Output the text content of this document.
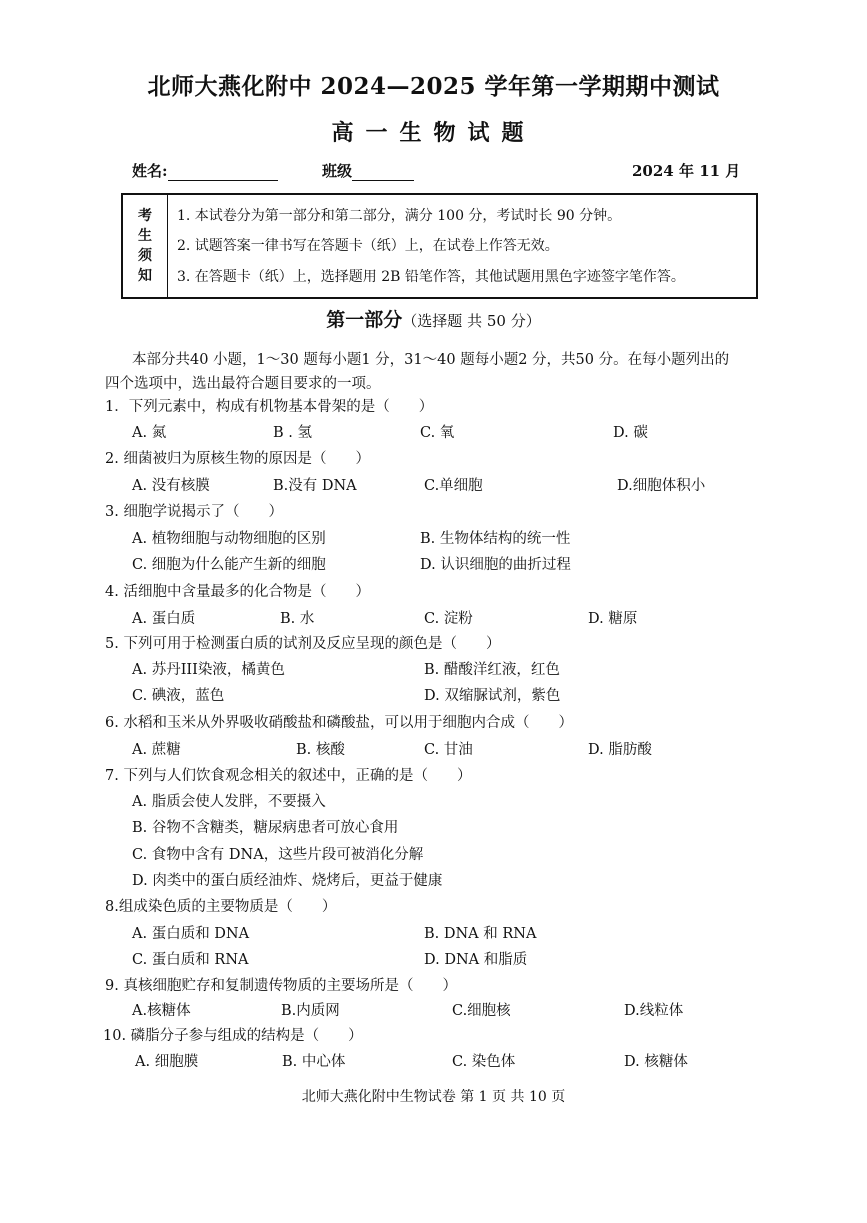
北师大燕化附中 2024—2025 学年第一学期期中测试
高一生物试题
姓名:	班级	2024 年 11 月
考
生
须
知
1. 本试卷分为第一部分和第二部分，满分 100 分，考试时长 90 分钟。
2. 试题答案一律书写在答题卡（纸）上，在试卷上作答无效。
3. 在答题卡（纸）上，选择题用 2B 铅笔作答，其他试题用黑色字迹签字笔作答。
第一部分（选择题 共 50 分）
本部分共40 小题，1～30 题每小题1 分，31～40 题每小题2 分，共50 分。在每小题列出的
四个选项中，选出最符合题目要求的一项。
1．下列元素中，构成有机物基本骨架的是（　　）
A. 氮	B . 氢	C. 氧	D. 碳
2. 细菌被归为原核生物的原因是（　　）
A. 没有核膜	B.没有 DNA	C.单细胞	D.细胞体积小
3. 细胞学说揭示了（　　）
A. 植物细胞与动物细胞的区别	B. 生物体结构的统一性
C. 细胞为什么能产生新的细胞	D. 认识细胞的曲折过程
4. 活细胞中含量最多的化合物是（　　）
A. 蛋白质	B. 水	C. 淀粉	D. 糖原
5. 下列可用于检测蛋白质的试剂及反应呈现的颜色是（　　）
A. 苏丹III染液，橘黄色	B. 醋酸洋红液，红色
C. 碘液，蓝色	D. 双缩脲试剂，紫色
6. 水稻和玉米从外界吸收硝酸盐和磷酸盐，可以用于细胞内合成（　　）
A. 蔗糖	B. 核酸	C. 甘油	D. 脂肪酸
7. 下列与人们饮食观念相关的叙述中，正确的是（　　）
A. 脂质会使人发胖，不要摄入
B. 谷物不含糖类，糖尿病患者可放心食用
C. 食物中含有 DNA，这些片段可被消化分解
D. 肉类中的蛋白质经油炸、烧烤后，更益于健康
8.组成染色质的主要物质是（　　）
A. 蛋白质和 DNA	B. DNA 和 RNA
C. 蛋白质和 RNA	D. DNA 和脂质
9. 真核细胞贮存和复制遗传物质的主要场所是（　　）
A.核糖体	B.内质网	C.细胞核	D.线粒体
10. 磷脂分子参与组成的结构是（　　）
A. 细胞膜	B. 中心体	C. 染色体	D. 核糖体
北师大燕化附中生物试卷 第 1 页 共 10 页
